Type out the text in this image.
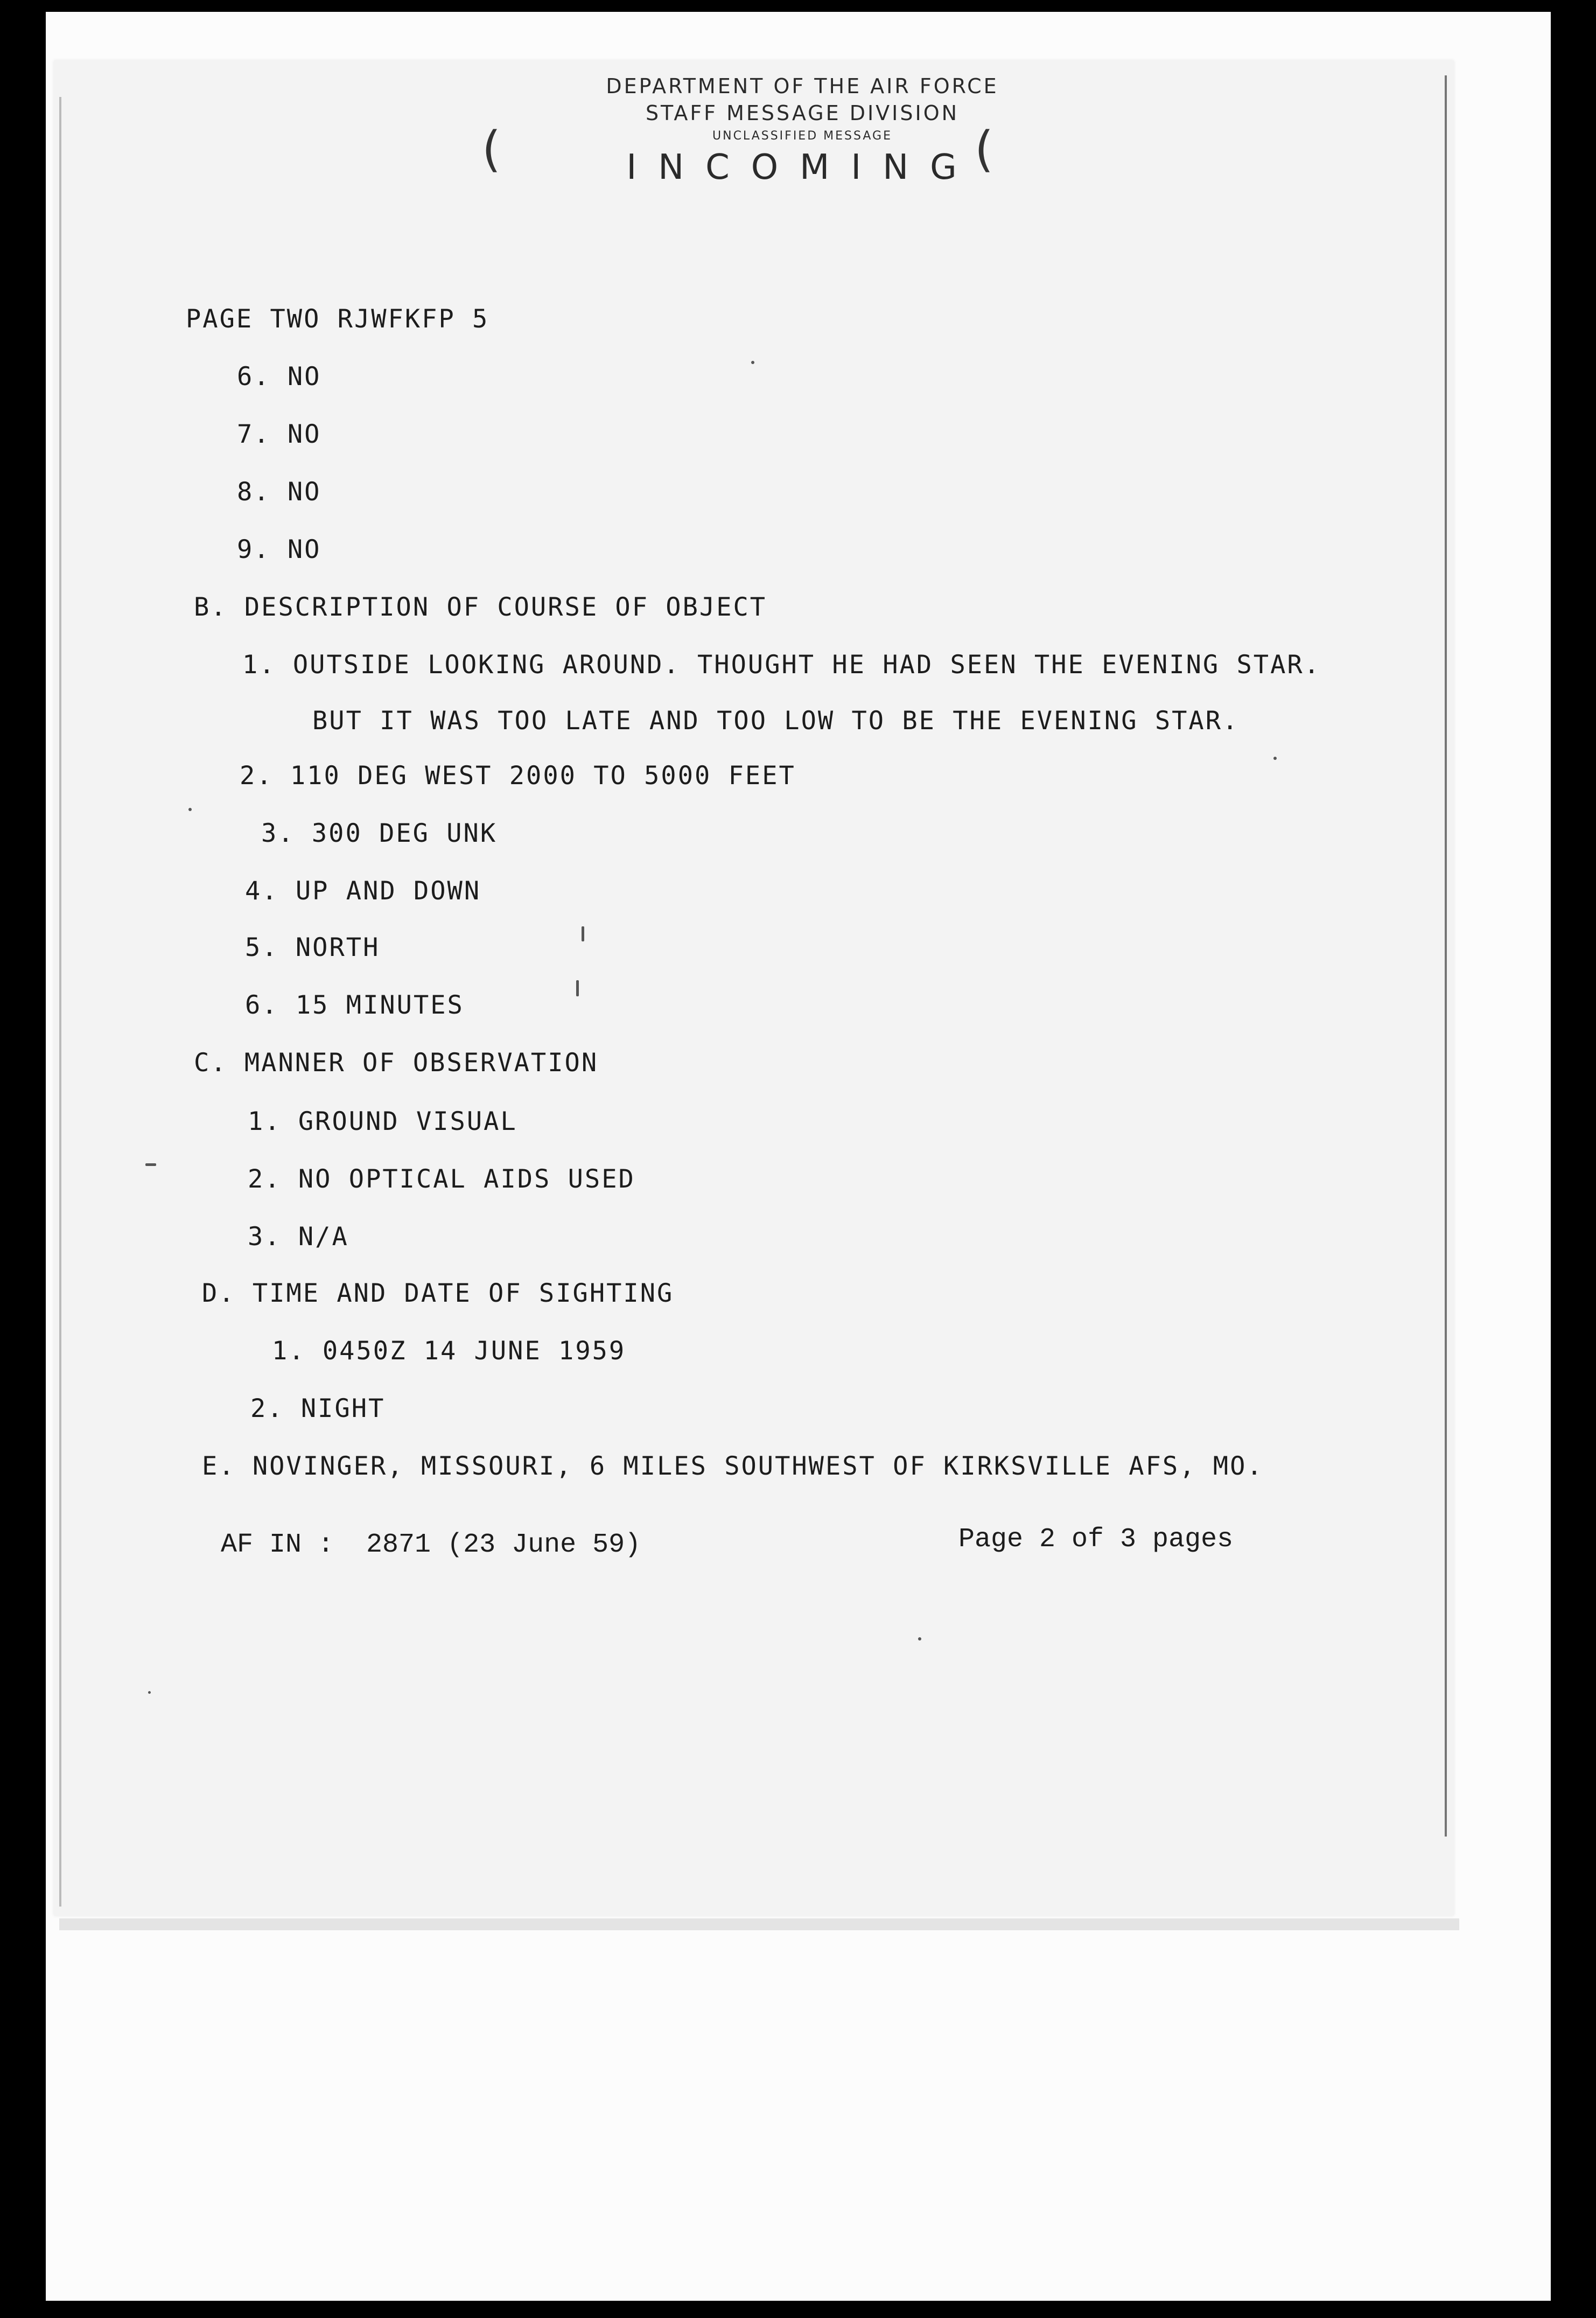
DEPARTMENT OF THE AIR FORCE
STAFF MESSAGE DIVISION
UNCLASSIFIED MESSAGE
INCOMING
(	(
PAGE TWO RJWFKFP 5
6. NO
7. NO
8. NO
9. NO
B. DESCRIPTION OF COURSE OF OBJECT
1. OUTSIDE LOOKING AROUND. THOUGHT HE HAD SEEN THE EVENING STAR.
BUT IT WAS TOO LATE AND TOO LOW TO BE THE EVENING STAR.
2. 110 DEG WEST 2000 TO 5000 FEET
3. 300 DEG UNK
4. UP AND DOWN
5. NORTH
6. 15 MINUTES
C. MANNER OF OBSERVATION
1. GROUND VISUAL
2. NO OPTICAL AIDS USED
3. N/A
D. TIME AND DATE OF SIGHTING
1. 0450Z 14 JUNE 1959
2. NIGHT
E. NOVINGER, MISSOURI, 6 MILES SOUTHWEST OF KIRKSVILLE AFS, MO.
AF IN :  2871 (23 June 59)	Page 2 of 3 pages
